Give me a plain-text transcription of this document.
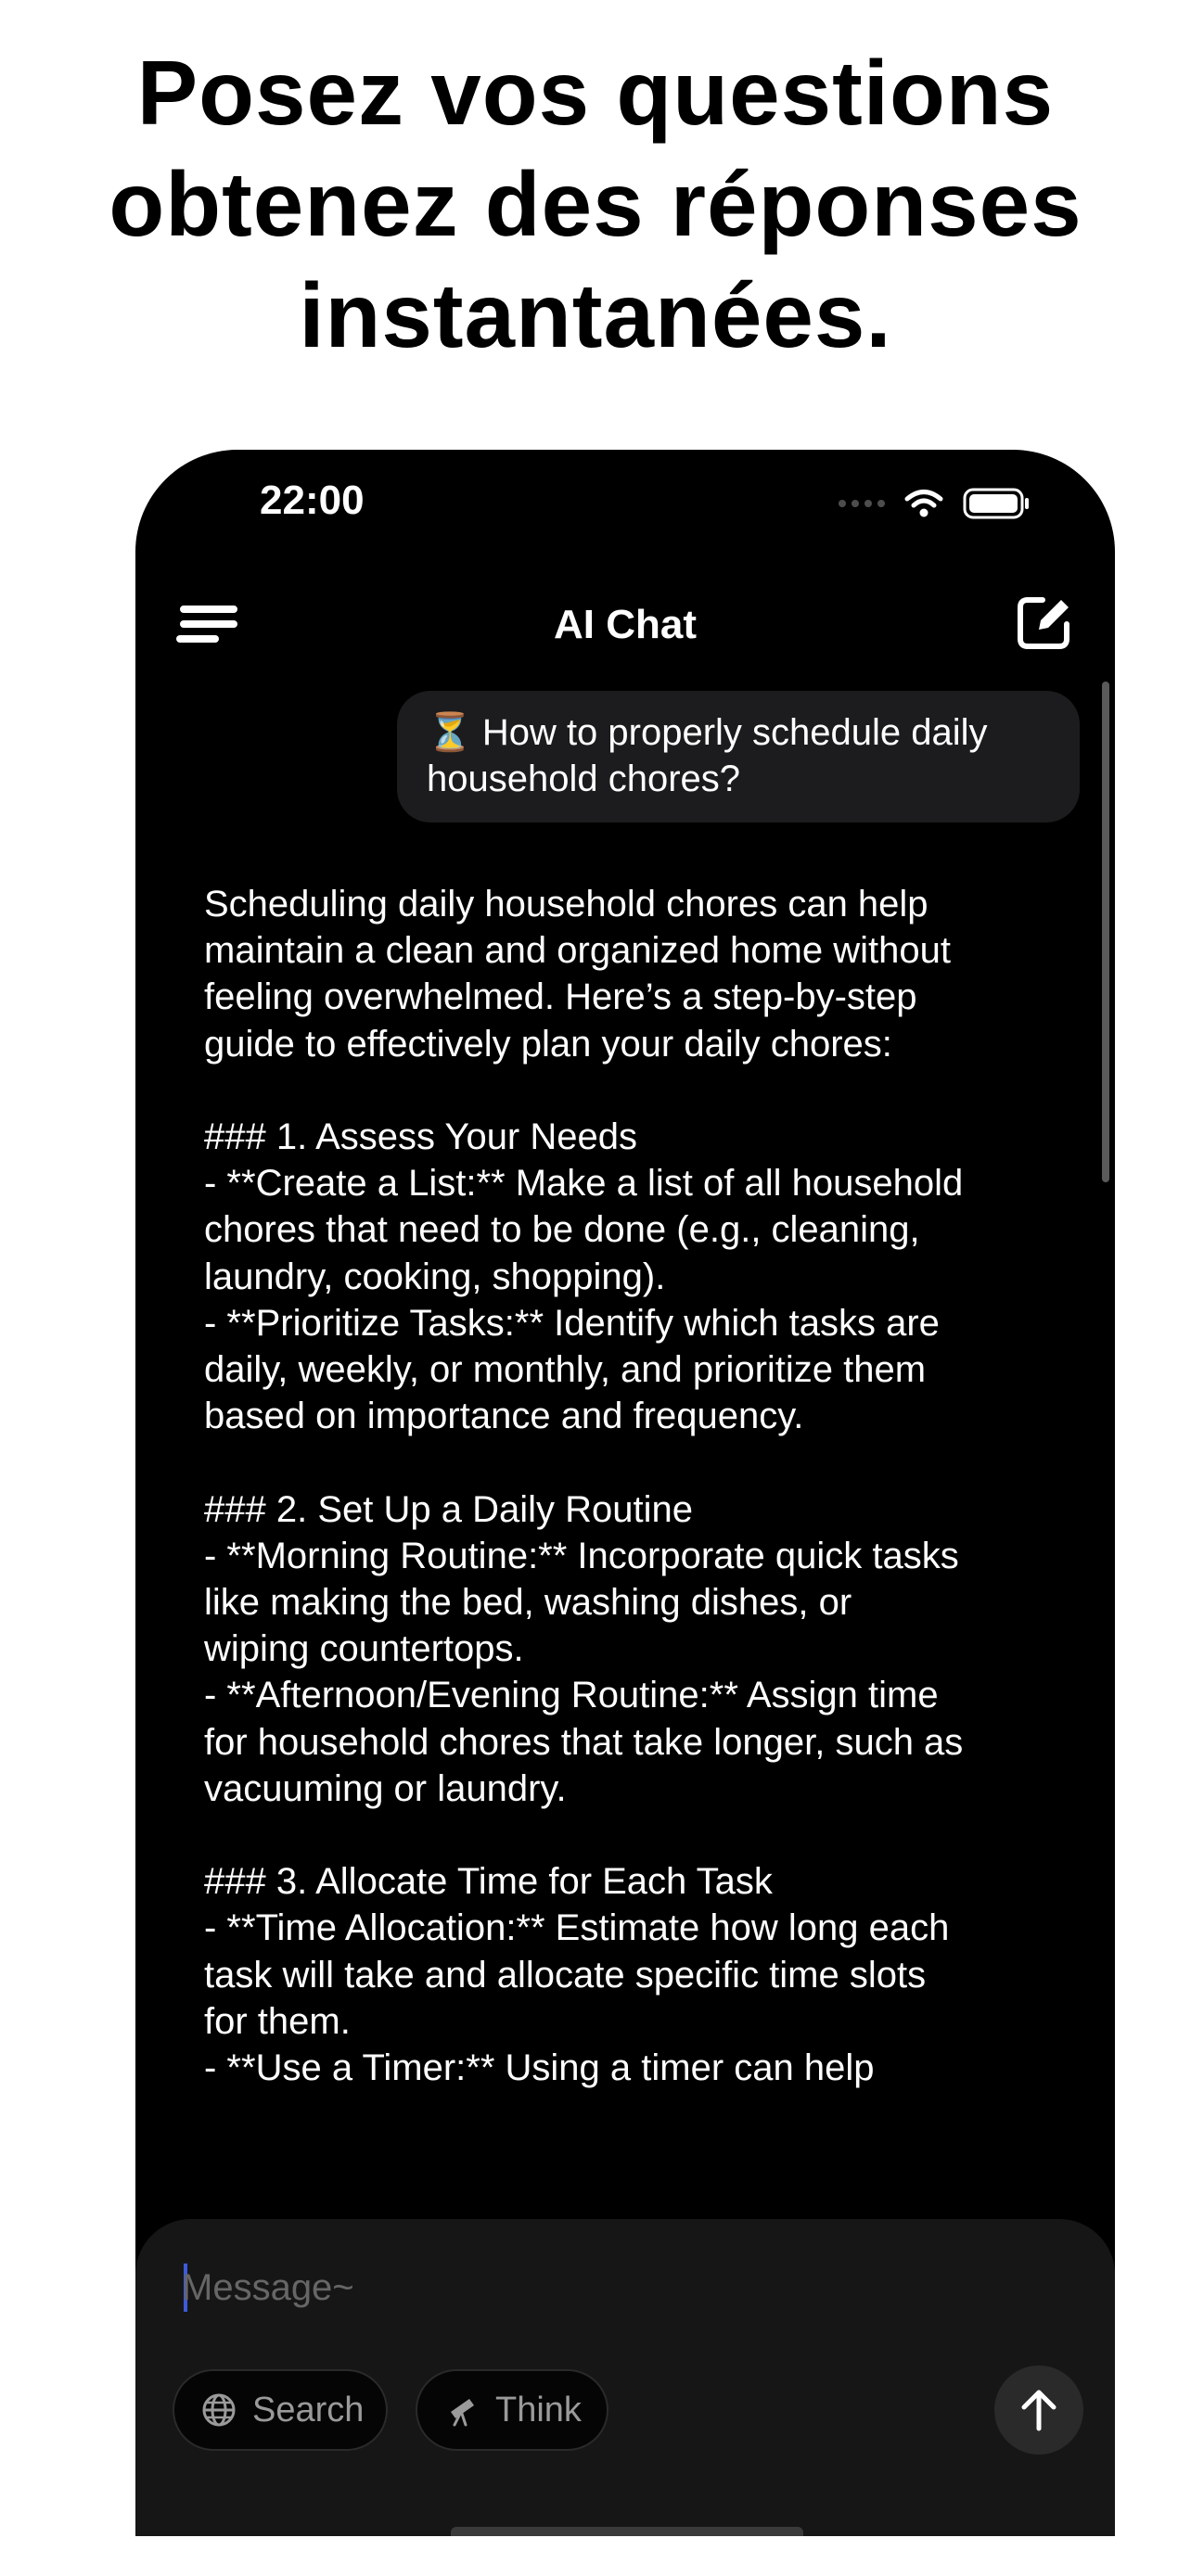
Posez vos questions
obtenez des réponses
instantanées.
22:00
AI Chat
⏳ How to properly schedule daily household chores?
Scheduling daily household chores can help maintain a clean and organized home without feeling overwhelmed. Here’s a step-by-step guide to effectively plan your daily chores:

### 1. Assess Your Needs
- **Create a List:** Make a list of all household chores that need to be done (e.g., cleaning, laundry, cooking, shopping).
- **Prioritize Tasks:** Identify which tasks are daily, weekly, or monthly, and prioritize them based on importance and frequency.

### 2. Set Up a Daily Routine
- **Morning Routine:** Incorporate quick tasks like making the bed, washing dishes, or wiping countertops.
- **Afternoon/Evening Routine:** Assign time for household chores that take longer, such as vacuuming or laundry.

### 3. Allocate Time for Each Task
- **Time Allocation:** Estimate how long each task will take and allocate specific time slots for them.
- **Use a Timer:** Using a timer can help
Message~
Search	Think
